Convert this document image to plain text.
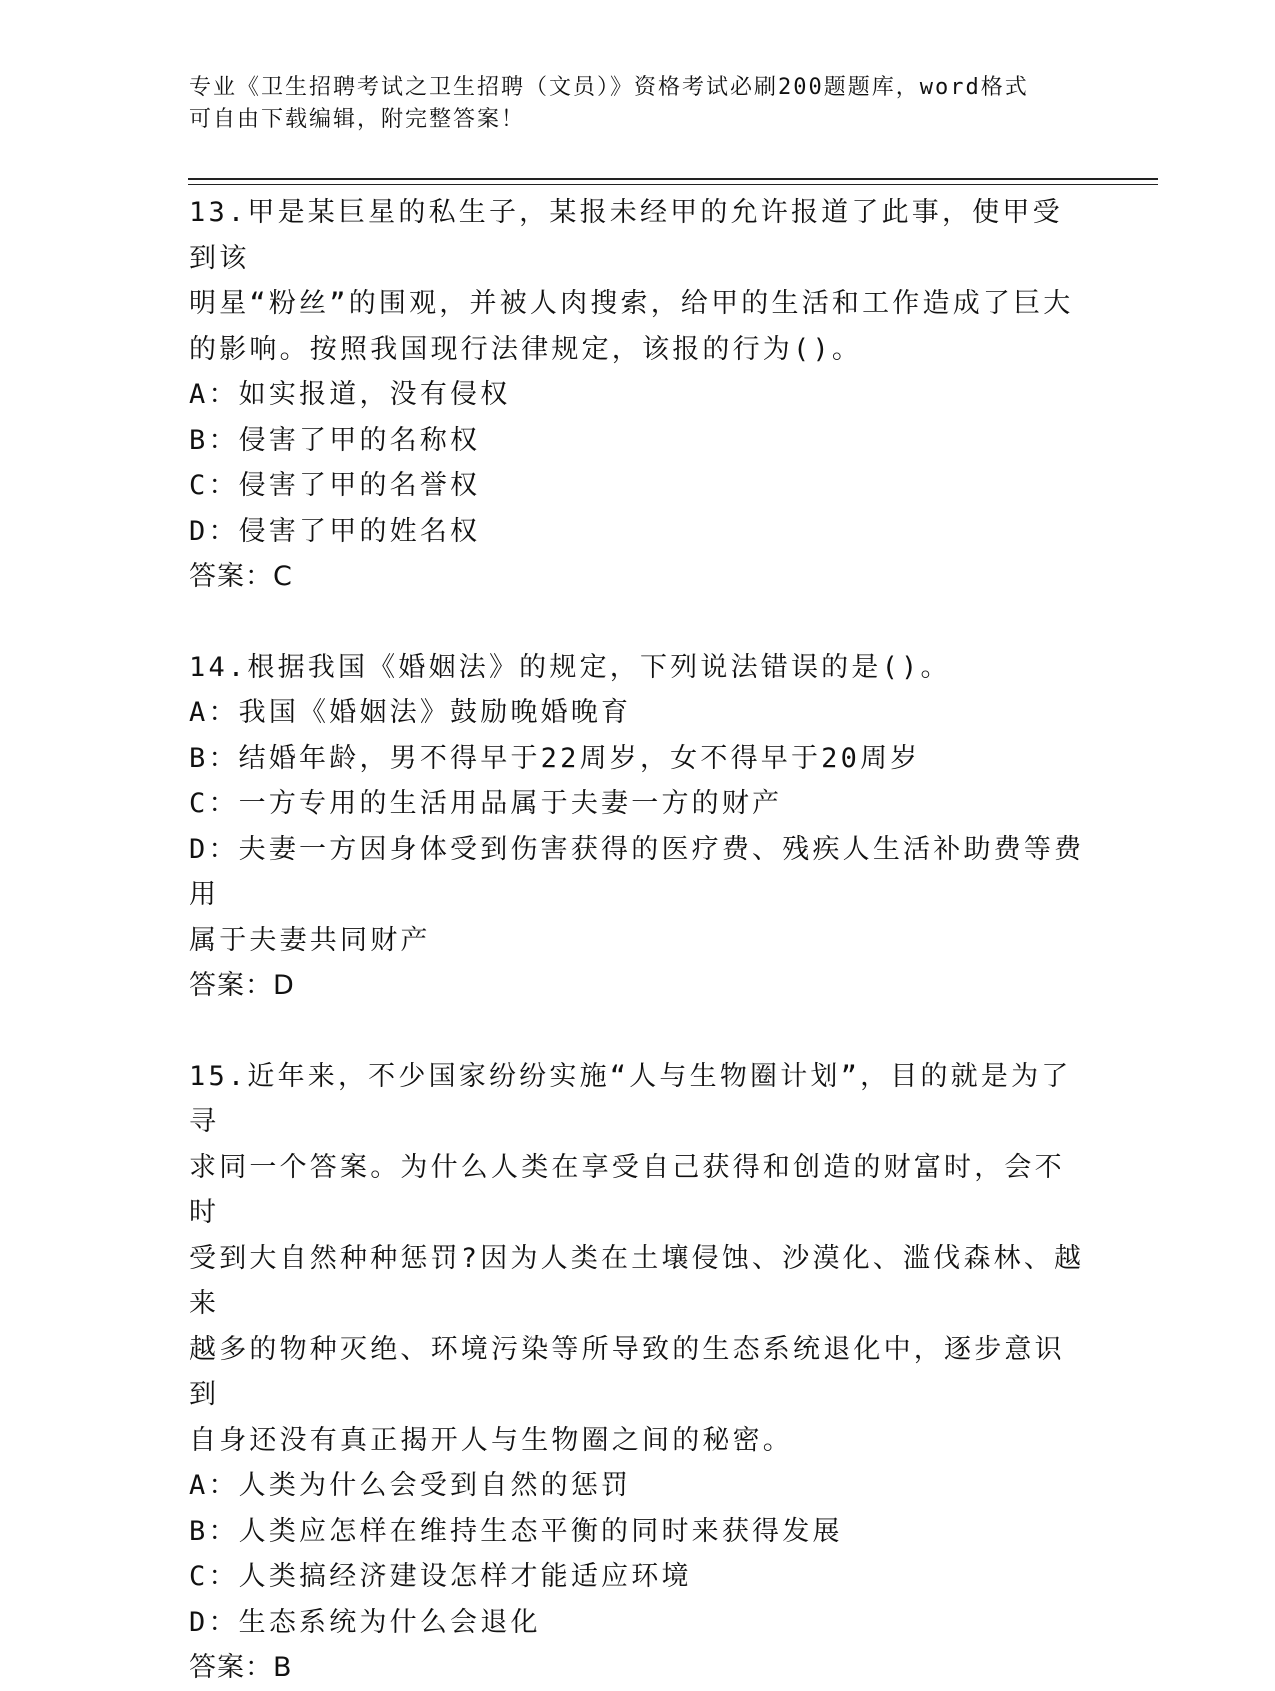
专业《卫生招聘考试之卫生招聘（文员）》资格考试必刷200题题库，word格式
可自由下载编辑，附完整答案！

13.甲是某巨星的私生子，某报未经甲的允许报道了此事，使甲受到该

明星“粉丝”的围观，并被人肉搜索，给甲的生活和工作造成了巨大

的影响。按照我国现行法律规定，该报的行为()。

A：如实报道，没有侵权

B：侵害了甲的名称权

C：侵害了甲的名誉权

D：侵害了甲的姓名权

答案：C

14.根据我国《婚姻法》的规定，下列说法错误的是()。

A：我国《婚姻法》鼓励晚婚晚育

B：结婚年龄，男不得早于22周岁，女不得早于20周岁

C：一方专用的生活用品属于夫妻一方的财产

D：夫妻一方因身体受到伤害获得的医疗费、残疾人生活补助费等费用

属于夫妻共同财产

答案：D

15.近年来，不少国家纷纷实施“人与生物圈计划”，目的就是为了寻

求同一个答案。为什么人类在享受自己获得和创造的财富时，会不时

受到大自然种种惩罚?因为人类在土壤侵蚀、沙漠化、滥伐森林、越来

越多的物种灭绝、环境污染等所导致的生态系统退化中，逐步意识到

自身还没有真正揭开人与生物圈之间的秘密。

A：人类为什么会受到自然的惩罚

B：人类应怎样在维持生态平衡的同时来获得发展

C：人类搞经济建设怎样才能适应环境

D：生态系统为什么会退化

答案：B
